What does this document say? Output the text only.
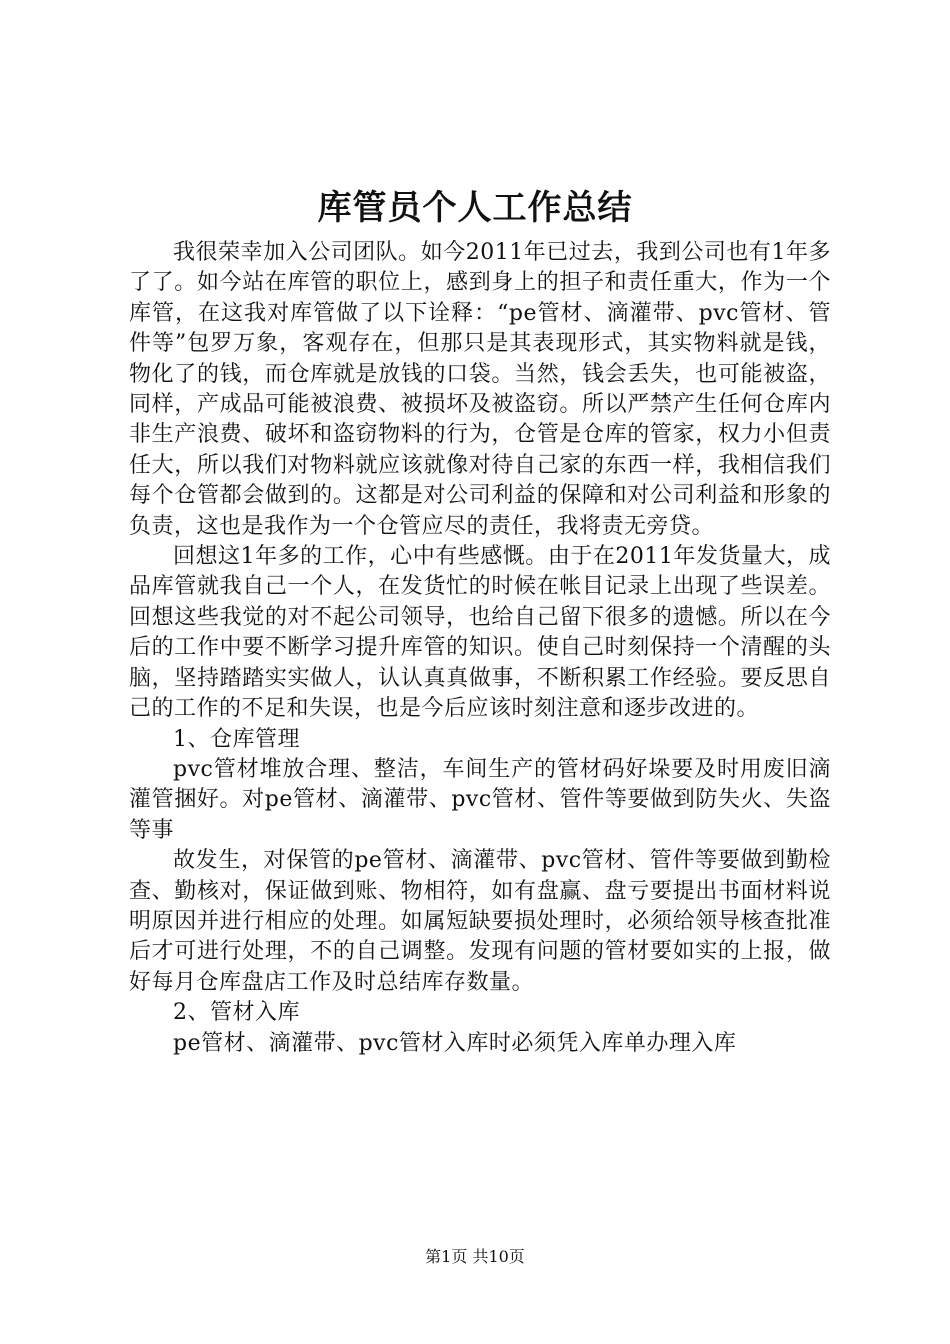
库管员个人工作总结

我很荣幸加入公司团队。如今2011年已过去，我到公司也有1年多了了。如今站在库管的职位上，感到身上的担子和责任重大，作为一个库管，在这我对库管做了以下诠释：“pe管材、滴灌带、pvc管材、管件等”包罗万象，客观存在，但那只是其表现形式，其实物料就是钱，物化了的钱，而仓库就是放钱的口袋。当然，钱会丢失，也可能被盗，同样，产成品可能被浪费、被损坏及被盗窃。所以严禁产生任何仓库内非生产浪费、破坏和盗窃物料的行为，仓管是仓库的管家，权力小但责任大，所以我们对物料就应该就像对待自己家的东西一样，我相信我们每个仓管都会做到的。这都是对公司利益的保障和对公司利益和形象的负责，这也是我作为一个仓管应尽的责任，我将责无旁贷。

回想这1年多的工作，心中有些感慨。由于在2011年发货量大，成品库管就我自己一个人，在发货忙的时候在帐目记录上出现了些误差。回想这些我觉的对不起公司领导，也给自己留下很多的遗憾。所以在今后的工作中要不断学习提升库管的知识。使自己时刻保持一个清醒的头脑，坚持踏踏实实做人，认认真真做事，不断积累工作经验。要反思自己的工作的不足和失误，也是今后应该时刻注意和逐步改进的。

1、仓库管理

pvc管材堆放合理、整洁，车间生产的管材码好垛要及时用废旧滴灌管捆好。对pe管材、滴灌带、pvc管材、管件等要做到防失火、失盗等事

故发生，对保管的pe管材、滴灌带、pvc管材、管件等要做到勤检查、勤核对，保证做到账、物相符，如有盘赢、盘亏要提出书面材料说明原因并进行相应的处理。如属短缺要损处理时，必须给领导核查批准后才可进行处理，不的自己调整。发现有问题的管材要如实的上报，做好每月仓库盘店工作及时总结库存数量。

2、管材入库

pe管材、滴灌带、pvc管材入库时必须凭入库单办理入库

第1页 共10页
